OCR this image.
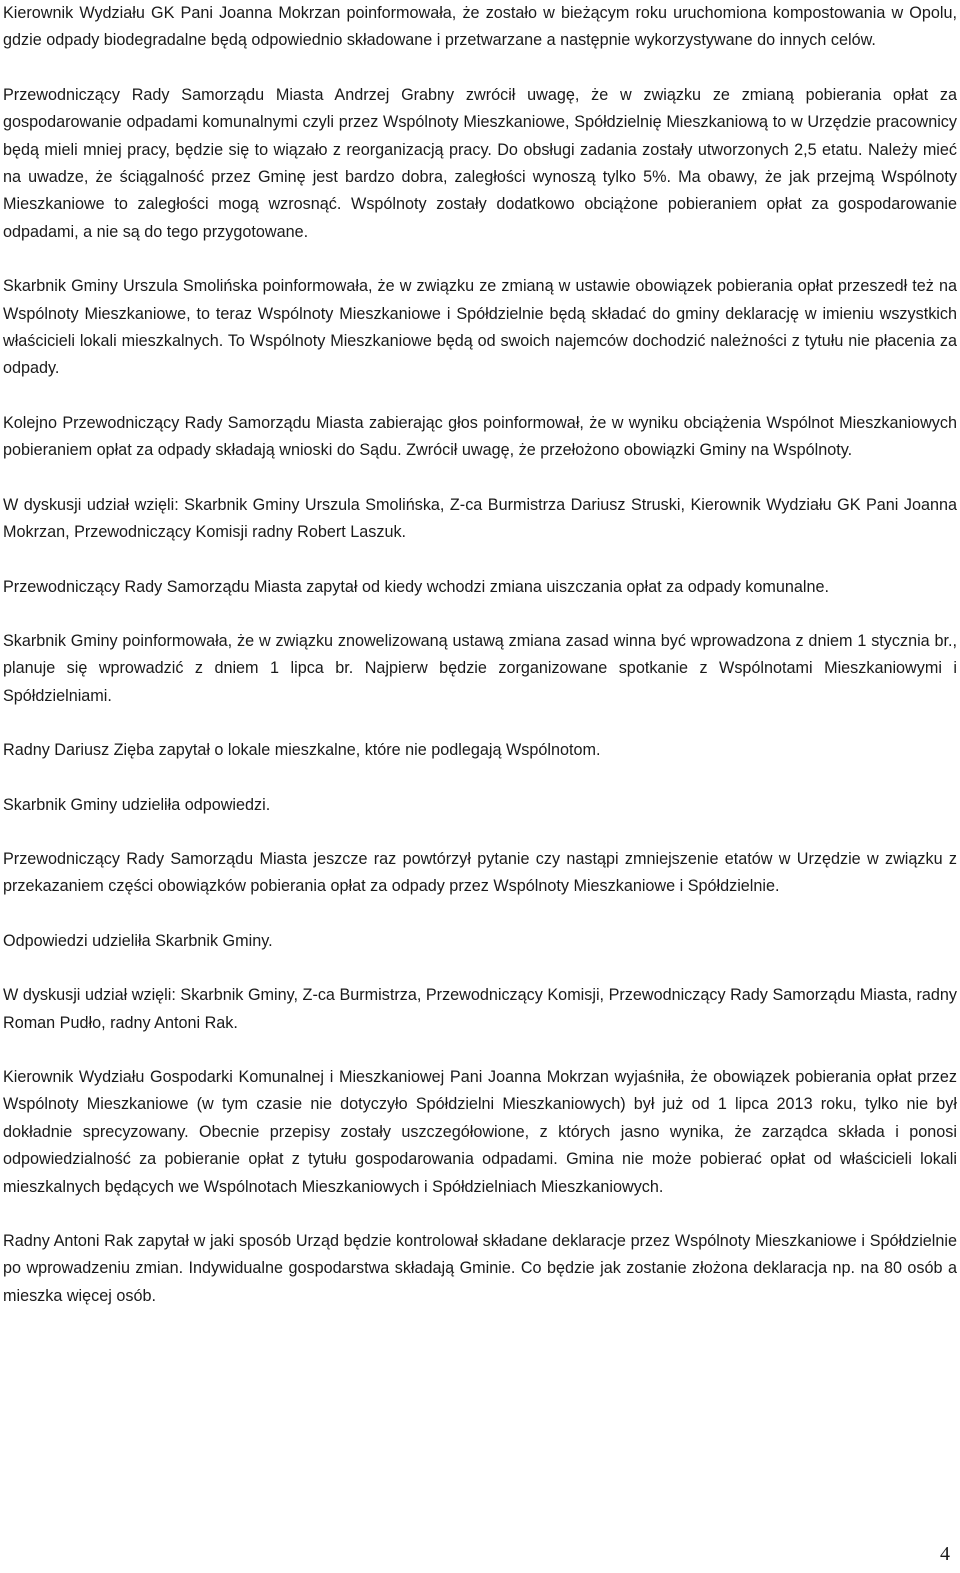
Kierownik Wydziału GK Pani Joanna Mokrzan poinformowała, że zostało w bieżącym roku uruchomiona kompostowania w Opolu, gdzie odpady biodegradalne będą odpowiednio składowane i przetwarzane a następnie wykorzystywane do innych celów.

Przewodniczący Rady Samorządu Miasta Andrzej Grabny zwrócił uwagę, że w związku ze zmianą pobierania opłat za gospodarowanie odpadami komunalnymi czyli przez Wspólnoty Mieszkaniowe, Spółdzielnię Mieszkaniową to w Urzędzie pracownicy będą mieli mniej pracy, będzie się to wiązało z reorganizacją pracy. Do obsługi zadania zostały utworzonych 2,5 etatu. Należy mieć na uwadze, że ściągalność przez Gminę jest bardzo dobra, zaległości wynoszą tylko 5%. Ma obawy, że jak przejmą Wspólnoty Mieszkaniowe to zaległości mogą wzrosnąć. Wspólnoty zostały dodatkowo obciążone pobieraniem opłat za gospodarowanie odpadami, a nie są do tego przygotowane.

Skarbnik Gminy Urszula Smolińska poinformowała, że w związku ze zmianą w ustawie obowiązek pobierania opłat przeszedł też na Wspólnoty Mieszkaniowe, to teraz Wspólnoty Mieszkaniowe i Spółdzielnie będą składać do gminy deklarację w imieniu wszystkich właścicieli lokali mieszkalnych. To Wspólnoty Mieszkaniowe będą od swoich najemców dochodzić należności z tytułu nie płacenia za odpady.

Kolejno Przewodniczący Rady Samorządu Miasta zabierając głos poinformował, że w wyniku obciążenia Wspólnot Mieszkaniowych pobieraniem opłat za odpady składają wnioski do Sądu. Zwrócił uwagę, że przełożono obowiązki Gminy na Wspólnoty.

W dyskusji udział wzięli: Skarbnik Gminy Urszula Smolińska, Z-ca Burmistrza Dariusz Struski, Kierownik Wydziału GK Pani Joanna Mokrzan, Przewodniczący Komisji radny Robert Laszuk.

Przewodniczący Rady Samorządu Miasta zapytał od kiedy wchodzi zmiana uiszczania opłat za odpady komunalne.

Skarbnik Gminy poinformowała, że w związku znowelizowaną ustawą zmiana zasad winna być wprowadzona z dniem 1 stycznia br., planuje się wprowadzić z dniem 1 lipca br. Najpierw będzie zorganizowane spotkanie z Wspólnotami Mieszkaniowymi i Spółdzielniami.

Radny Dariusz Zięba zapytał o lokale mieszkalne, które nie podlegają Wspólnotom.

Skarbnik Gminy udzieliła odpowiedzi.

Przewodniczący Rady Samorządu Miasta jeszcze raz powtórzył pytanie czy nastąpi zmniejszenie etatów w Urzędzie w związku z przekazaniem części obowiązków pobierania opłat za odpady przez Wspólnoty Mieszkaniowe i Spółdzielnie.

Odpowiedzi udzieliła Skarbnik Gminy.

W dyskusji udział wzięli: Skarbnik Gminy, Z-ca Burmistrza, Przewodniczący Komisji, Przewodniczący Rady Samorządu Miasta, radny Roman Pudło, radny Antoni Rak.

Kierownik Wydziału Gospodarki Komunalnej i Mieszkaniowej Pani Joanna Mokrzan wyjaśniła, że obowiązek pobierania opłat przez Wspólnoty Mieszkaniowe (w tym czasie nie dotyczyło Spółdzielni Mieszkaniowych) był już od 1 lipca 2013 roku, tylko nie był dokładnie sprecyzowany. Obecnie przepisy zostały uszczegółowione, z których jasno wynika, że zarządca składa i ponosi odpowiedzialność za pobieranie opłat z tytułu gospodarowania odpadami. Gmina nie może pobierać opłat od właścicieli lokali mieszkalnych będących we Wspólnotach Mieszkaniowych i Spółdzielniach Mieszkaniowych.

Radny Antoni Rak zapytał w jaki sposób Urząd będzie kontrolował składane deklaracje przez Wspólnoty Mieszkaniowe i Spółdzielnie po wprowadzeniu zmian. Indywidualne gospodarstwa składają Gminie. Co będzie jak zostanie złożona deklaracja np. na 80 osób a mieszka więcej osób.

4
